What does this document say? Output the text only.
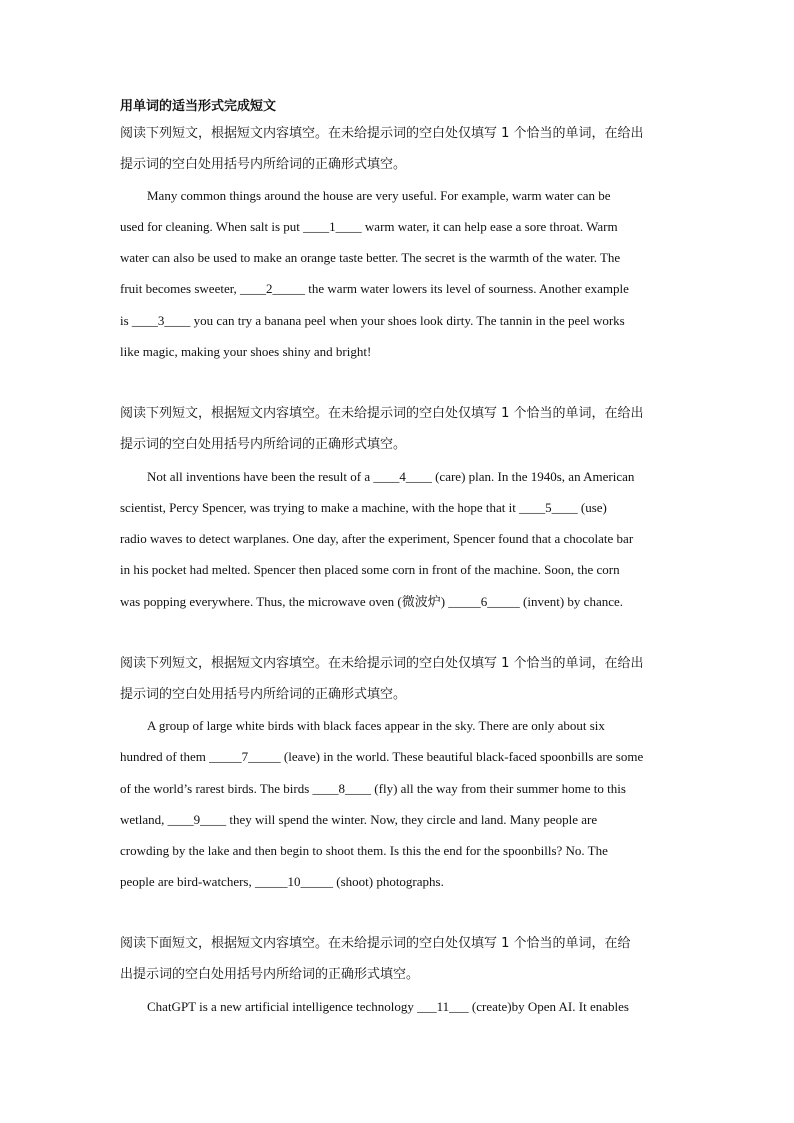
用单词的适当形式完成短文
阅读下列短文，根据短文内容填空。在未给提示词的空白处仅填写 1 个恰当的单词，在给出
提示词的空白处用括号内所给词的正确形式填空。
Many common things around the house are very useful. For example, warm water can be
used for cleaning. When salt is put ____1____ warm water, it can help ease a sore throat. Warm
water can also be used to make an orange taste better. The secret is the warmth of the water. The
fruit becomes sweeter, ____2_____ the warm water lowers its level of sourness. Another example
is ____3____ you can try a banana peel when your shoes look dirty. The tannin in the peel works
like magic, making your shoes shiny and bright!
阅读下列短文，根据短文内容填空。在未给提示词的空白处仅填写 1 个恰当的单词，在给出
提示词的空白处用括号内所给词的正确形式填空。
Not all inventions have been the result of a ____4____ (care) plan. In the 1940s, an American
scientist, Percy Spencer, was trying to make a machine, with the hope that it ____5____ (use)
radio waves to detect warplanes. One day, after the experiment, Spencer found that a chocolate bar
in his pocket had melted. Spencer then placed some corn in front of the machine. Soon, the corn
was popping everywhere. Thus, the microwave oven (微波炉) _____6_____ (invent) by chance.
阅读下列短文，根据短文内容填空。在未给提示词的空白处仅填写 1 个恰当的单词，在给出
提示词的空白处用括号内所给词的正确形式填空。
A group of large white birds with black faces appear in the sky. There are only about six
hundred of them _____7_____ (leave) in the world. These beautiful black-faced spoonbills are some
of the world’s rarest birds. The birds ____8____ (fly) all the way from their summer home to this
wetland, ____9____ they will spend the winter. Now, they circle and land. Many people are
crowding by the lake and then begin to shoot them. Is this the end for the spoonbills? No. The
people are bird-watchers, _____10_____ (shoot) photographs.
阅读下面短文，根据短文内容填空。在未给提示词的空白处仅填写 1 个恰当的单词，在给
出提示词的空白处用括号内所给词的正确形式填空。
ChatGPT is a new artificial intelligence technology ___11___ (create)by Open AI. It enables
